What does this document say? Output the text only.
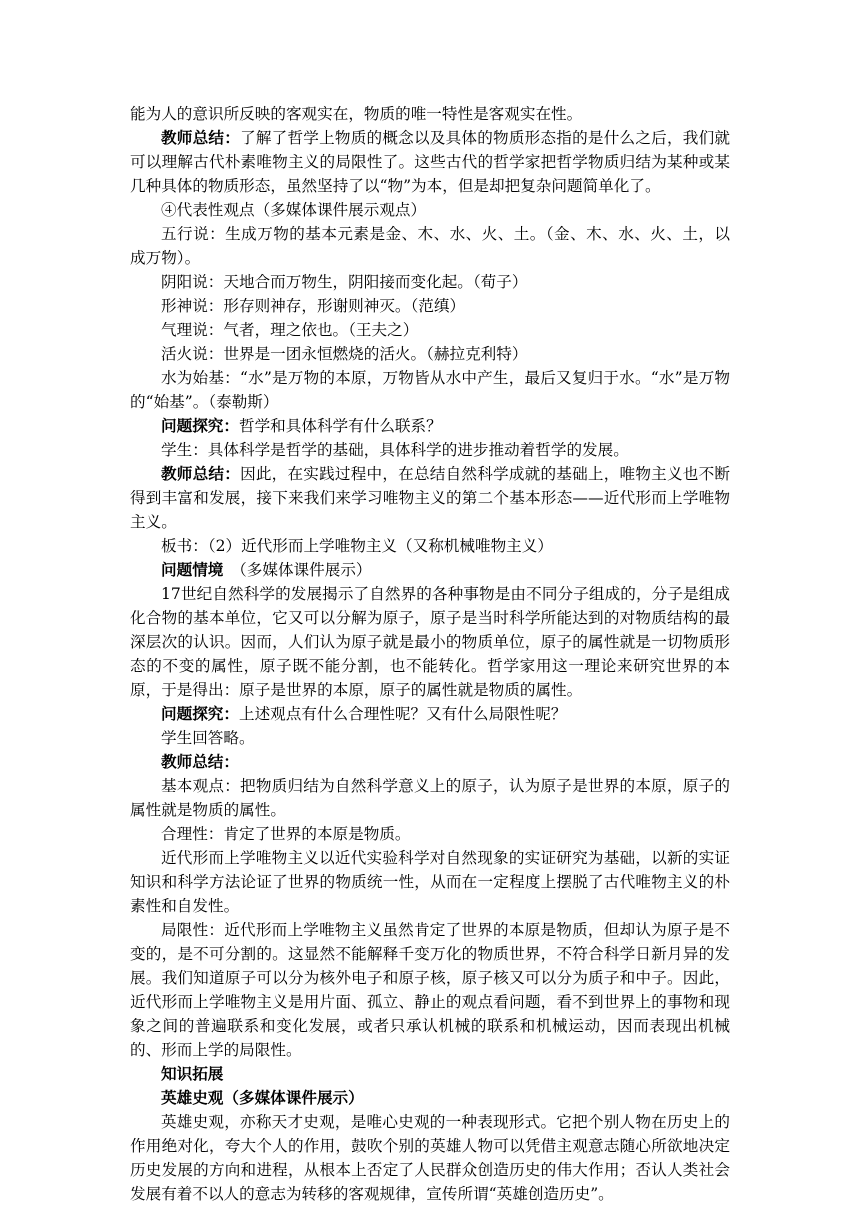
能为人的意识所反映的客观实在，物质的唯一特性是客观实在性。

教师总结：了解了哲学上物质的概念以及具体的物质形态指的是什么之后，我们就可以理解古代朴素唯物主义的局限性了。这些古代的哲学家把哲学物质归结为某种或某几种具体的物质形态，虽然坚持了以“物”为本，但是却把复杂问题简单化了。

④代表性观点（多媒体课件展示观点）

五行说：生成万物的基本元素是金、木、水、火、土。（金、木、水、火、土，以成万物）。

阴阳说：天地合而万物生，阴阳接而变化起。（荀子）

形神说：形存则神存，形谢则神灭。（范缜）

气理说：气者，理之依也。（王夫之）

活火说：世界是一团永恒燃烧的活火。（赫拉克利特）

水为始基：“水”是万物的本原，万物皆从水中产生，最后又复归于水。“水”是万物的“始基”。（泰勒斯）

问题探究：哲学和具体科学有什么联系？

学生：具体科学是哲学的基础，具体科学的进步推动着哲学的发展。

教师总结：因此，在实践过程中，在总结自然科学成就的基础上，唯物主义也不断得到丰富和发展，接下来我们来学习唯物主义的第二个基本形态——近代形而上学唯物主义。

板书：（2）近代形而上学唯物主义（又称机械唯物主义）

问题情境　（多媒体课件展示）

17世纪自然科学的发展揭示了自然界的各种事物是由不同分子组成的，分子是组成化合物的基本单位，它又可以分解为原子，原子是当时科学所能达到的对物质结构的最深层次的认识。因而，人们认为原子就是最小的物质单位，原子的属性就是一切物质形态的不变的属性，原子既不能分割，也不能转化。哲学家用这一理论来研究世界的本原，于是得出：原子是世界的本原，原子的属性就是物质的属性。

问题探究：上述观点有什么合理性呢？又有什么局限性呢？

学生回答略。

教师总结：

基本观点：把物质归结为自然科学意义上的原子，认为原子是世界的本原，原子的属性就是物质的属性。

合理性：肯定了世界的本原是物质。

近代形而上学唯物主义以近代实验科学对自然现象的实证研究为基础，以新的实证知识和科学方法论证了世界的物质统一性，从而在一定程度上摆脱了古代唯物主义的朴素性和自发性。

局限性：近代形而上学唯物主义虽然肯定了世界的本原是物质，但却认为原子是不变的，是不可分割的。这显然不能解释千变万化的物质世界，不符合科学日新月异的发展。我们知道原子可以分为核外电子和原子核，原子核又可以分为质子和中子。因此，近代形而上学唯物主义是用片面、孤立、静止的观点看问题，看不到世界上的事物和现象之间的普遍联系和变化发展，或者只承认机械的联系和机械运动，因而表现出机械的、形而上学的局限性。

知识拓展

英雄史观（多媒体课件展示）

英雄史观，亦称天才史观，是唯心史观的一种表现形式。它把个别人物在历史上的作用绝对化，夸大个人的作用，鼓吹个别的英雄人物可以凭借主观意志随心所欲地决定历史发展的方向和进程，从根本上否定了人民群众创造历史的伟大作用；否认人类社会发展有着不以人的意志为转移的客观规律，宣传所谓“英雄创造历史”。
